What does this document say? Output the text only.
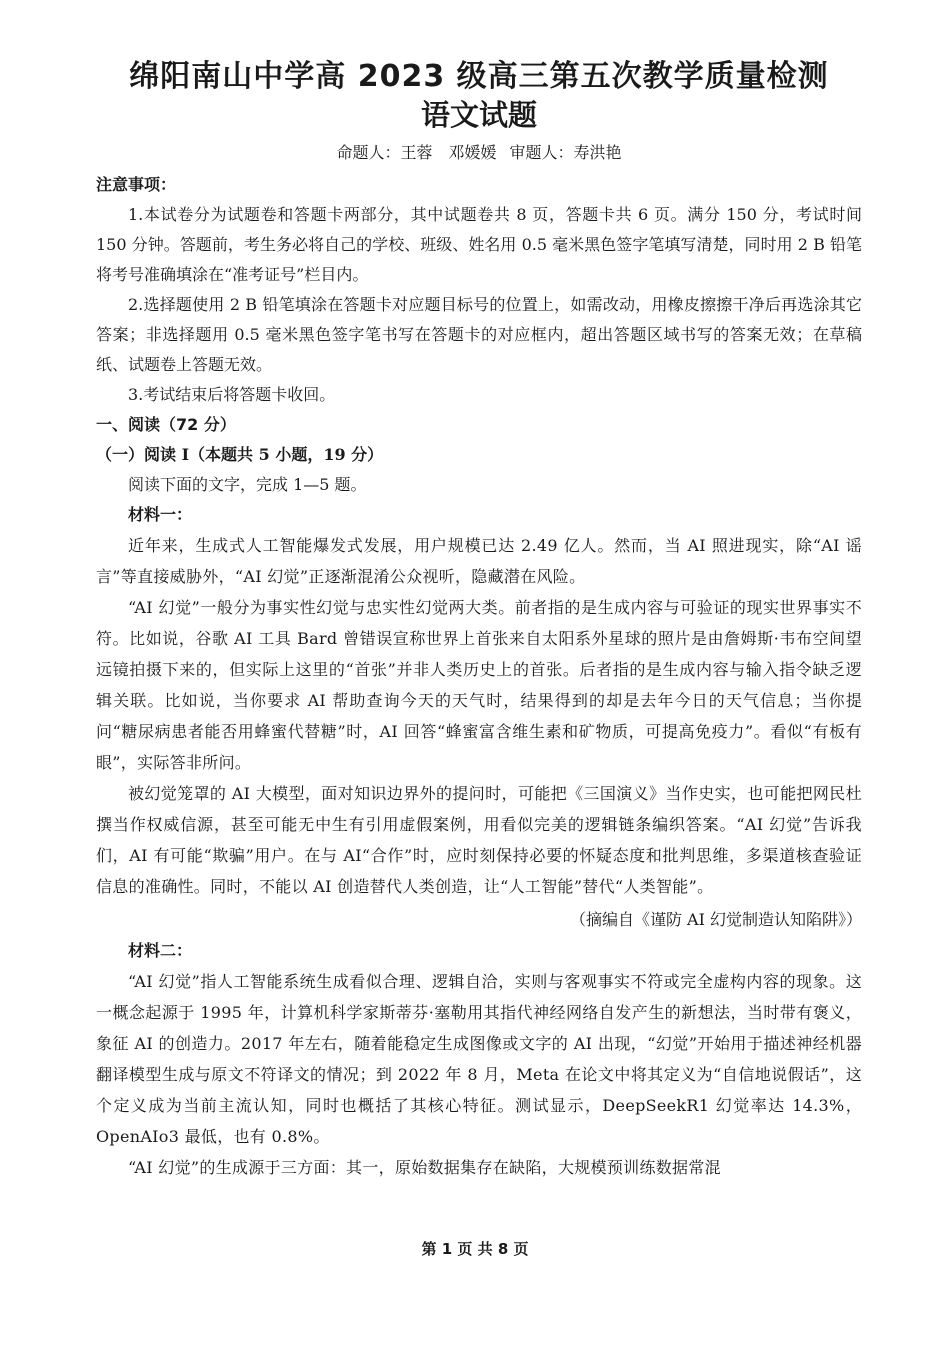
绵阳南山中学高 2023 级高三第五次教学质量检测
语文试题

命题人：王蓉　邓媛媛 审题人：寿洪艳

注意事项：

1.本试卷分为试题卷和答题卡两部分，其中试题卷共 8 页，答题卡共 6 页。满分 150 分，考试时间 150 分钟。答题前，考生务必将自己的学校、班级、姓名用 0.5 毫米黑色签字笔填写清楚，同时用 2 B 铅笔将考号准确填涂在“准考证号”栏目内。

2.选择题使用 2 B 铅笔填涂在答题卡对应题目标号的位置上，如需改动，用橡皮擦擦干净后再选涂其它答案；非选择题用 0.5 毫米黑色签字笔书写在答题卡的对应框内，超出答题区域书写的答案无效；在草稿纸、试题卷上答题无效。

3.考试结束后将答题卡收回。

一、阅读（72 分）

（一）阅读 I（本题共 5 小题，19 分）

阅读下面的文字，完成 1—5 题。

材料一：

近年来，生成式人工智能爆发式发展，用户规模已达 2.49 亿人。然而，当 AI 照进现实，除“AI 谣言”等直接威胁外，“AI 幻觉”正逐渐混淆公众视听，隐藏潜在风险。

“AI 幻觉”一般分为事实性幻觉与忠实性幻觉两大类。前者指的是生成内容与可验证的现实世界事实不符。比如说，谷歌 AI 工具 Bard 曾错误宣称世界上首张来自太阳系外星球的照片是由詹姆斯·韦布空间望远镜拍摄下来的，但实际上这里的“首张”并非人类历史上的首张。后者指的是生成内容与输入指令缺乏逻辑关联。比如说，当你要求 AI 帮助查询今天的天气时，结果得到的却是去年今日的天气信息；当你提问“糖尿病患者能否用蜂蜜代替糖”时，AI 回答“蜂蜜富含维生素和矿物质，可提高免疫力”。看似“有板有眼”，实际答非所问。

被幻觉笼罩的 AI 大模型，面对知识边界外的提问时，可能把《三国演义》当作史实，也可能把网民杜撰当作权威信源，甚至可能无中生有引用虚假案例，用看似完美的逻辑链条编织答案。“AI 幻觉”告诉我们，AI 有可能“欺骗”用户。在与 AI“合作”时，应时刻保持必要的怀疑态度和批判思维，多渠道核查验证信息的准确性。同时，不能以 AI 创造替代人类创造，让“人工智能”替代“人类智能”。

（摘编自《谨防 AI 幻觉制造认知陷阱》）

材料二：

“AI 幻觉”指人工智能系统生成看似合理、逻辑自洽，实则与客观事实不符或完全虚构内容的现象。这一概念起源于 1995 年，计算机科学家斯蒂芬·塞勒用其指代神经网络自发产生的新想法，当时带有褒义，象征 AI 的创造力。2017 年左右，随着能稳定生成图像或文字的 AI 出现，“幻觉”开始用于描述神经机器翻译模型生成与原文不符译文的情况；到 2022 年 8 月，Meta 在论文中将其定义为“自信地说假话”，这个定义成为当前主流认知，同时也概括了其核心特征。测试显示，DeepSeekR1 幻觉率达 14.3%，OpenAIo3 最低，也有 0.8%。

“AI 幻觉”的生成源于三方面：其一，原始数据集存在缺陷，大规模预训练数据常混

第 1 页 共 8 页
